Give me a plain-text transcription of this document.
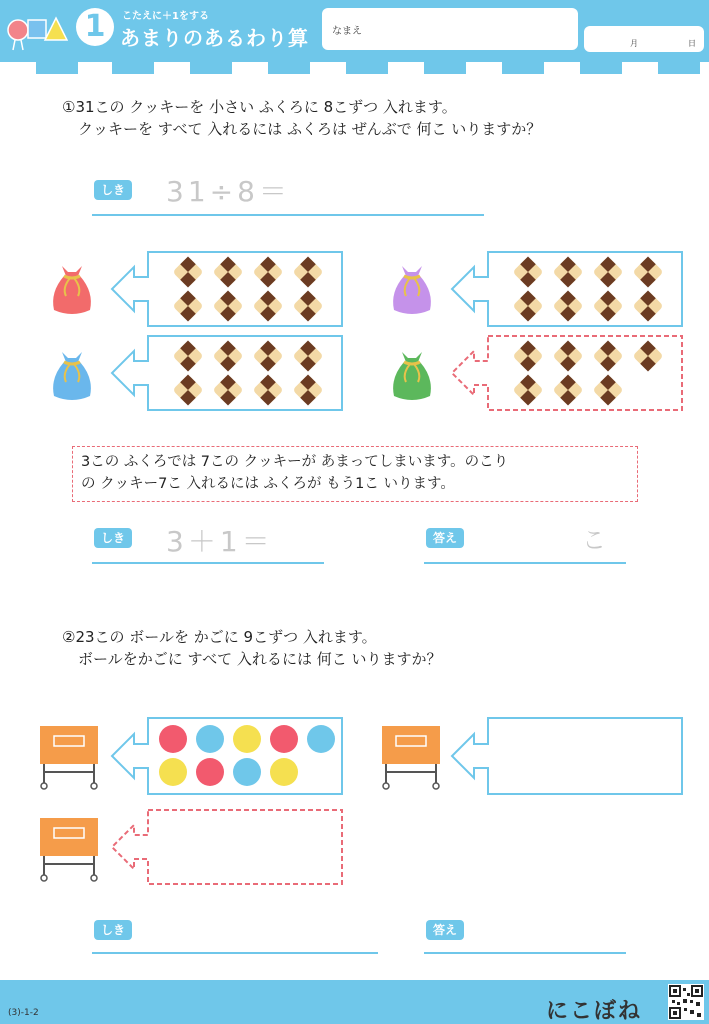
1	こたえに＋1をする
あまりのあるわり算 なまえ
月	日
①31この クッキーを 小さい ふくろに 8こずつ 入れます。
クッキーを すべて 入れるには ふくろは ぜんぶで 何こ いりますか？
しき 31÷8＝
3この ふくろでは 7この クッキーが あまってしまいます。のこり
の クッキー7こ 入れるには ふくろが もう1こ いります。
しき 3＋1＝	答え	こ
②23この ボールを かごに 9こずつ 入れます。
ボールをかごに すべて 入れるには 何こ いりますか？
しき	答え
(3)-1-2	にこぼね
